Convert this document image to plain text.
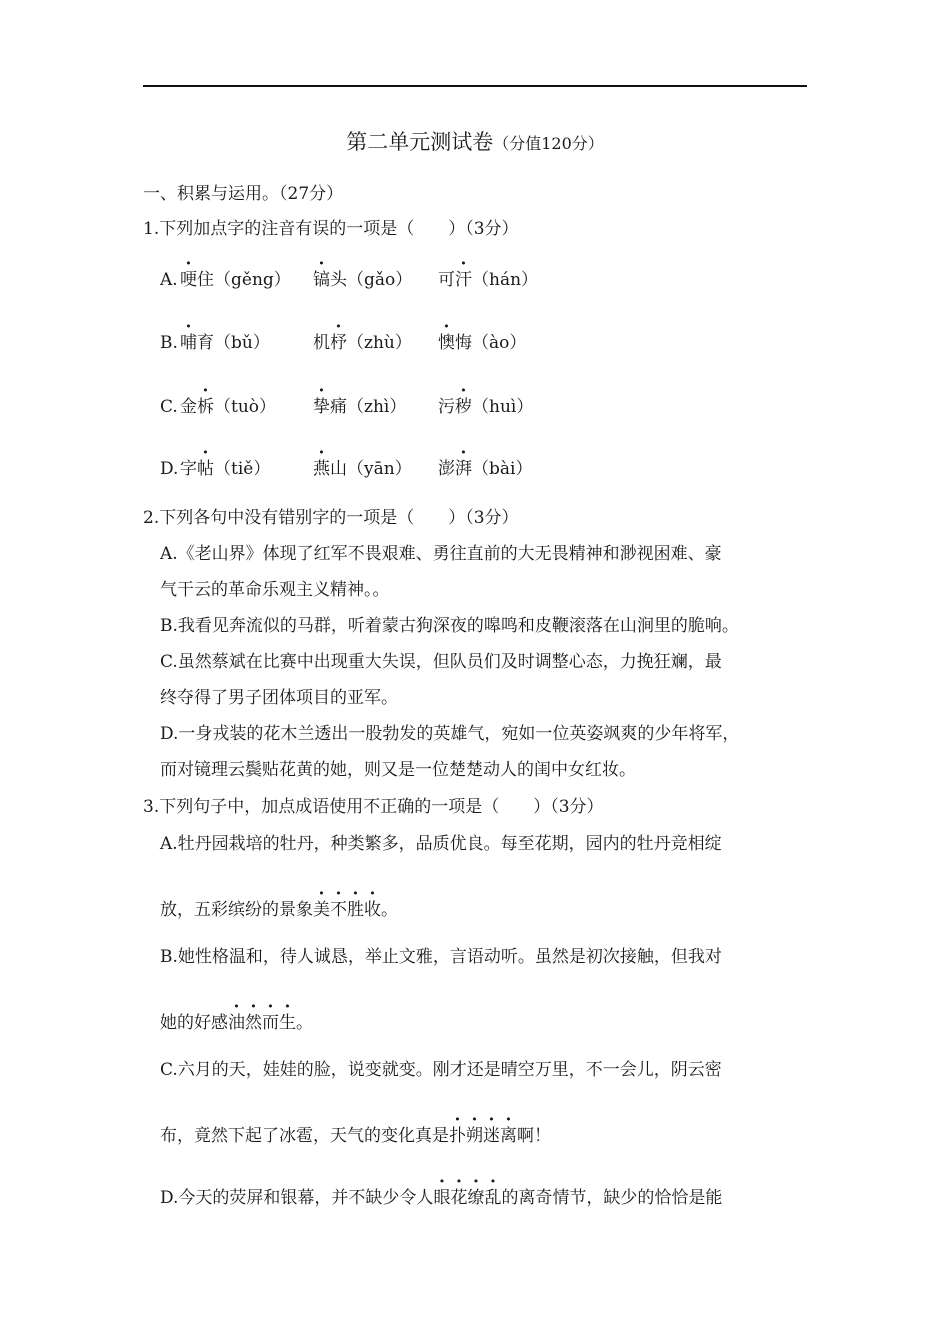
第二单元测试卷（分值120分）
一、积累与运用。（27分）
1.下列加点字的注音有误的一项是（　　）（3分）
A. 哽住（gěng） 镐头（gǎo） 可汗（hán）
B. 哺育（bǔ）	机杼（zhù） 懊悔（ào）
C. 金柝（tuò） 挚痛（zhì） 污秽（huì）
D. 字帖（tiě）	燕山（yān） 澎湃（bài）
2.下列各句中没有错别字的一项是（　　）（3分）
A.《老山界》体现了红军不畏艰难、勇往直前的大无畏精神和渺视困难、豪
气干云的革命乐观主义精神。。
B.我看见奔流似的马群，听着蒙古狗深夜的嗥鸣和皮鞭滚落在山涧里的脆响。
C.虽然蔡斌在比赛中出现重大失误，但队员们及时调整心态，力挽狂斓，最
终夺得了男子团体项目的亚军。
D.一身戎装的花木兰透出一股勃发的英雄气，宛如一位英姿飒爽的少年将军，
而对镜理云鬓贴花黄的她，则又是一位楚楚动人的闺中女红妆。
3.下列句子中，加点成语使用不正确的一项是（　　）（3分）
A.牡丹园栽培的牡丹，种类繁多，品质优良。每至花期，园内的牡丹竞相绽
放，五彩缤纷的景象美不胜收。
B.她性格温和，待人诚恳，举止文雅，言语动听。虽然是初次接触，但我对
她的好感油然而生。
C.六月的天，娃娃的脸，说变就变。刚才还是晴空万里，不一会儿，阴云密
布，竟然下起了冰雹，天气的变化真是扑朔迷离啊！
D.今天的荧屏和银幕，并不缺少令人眼花缭乱的离奇情节，缺少的恰恰是能
